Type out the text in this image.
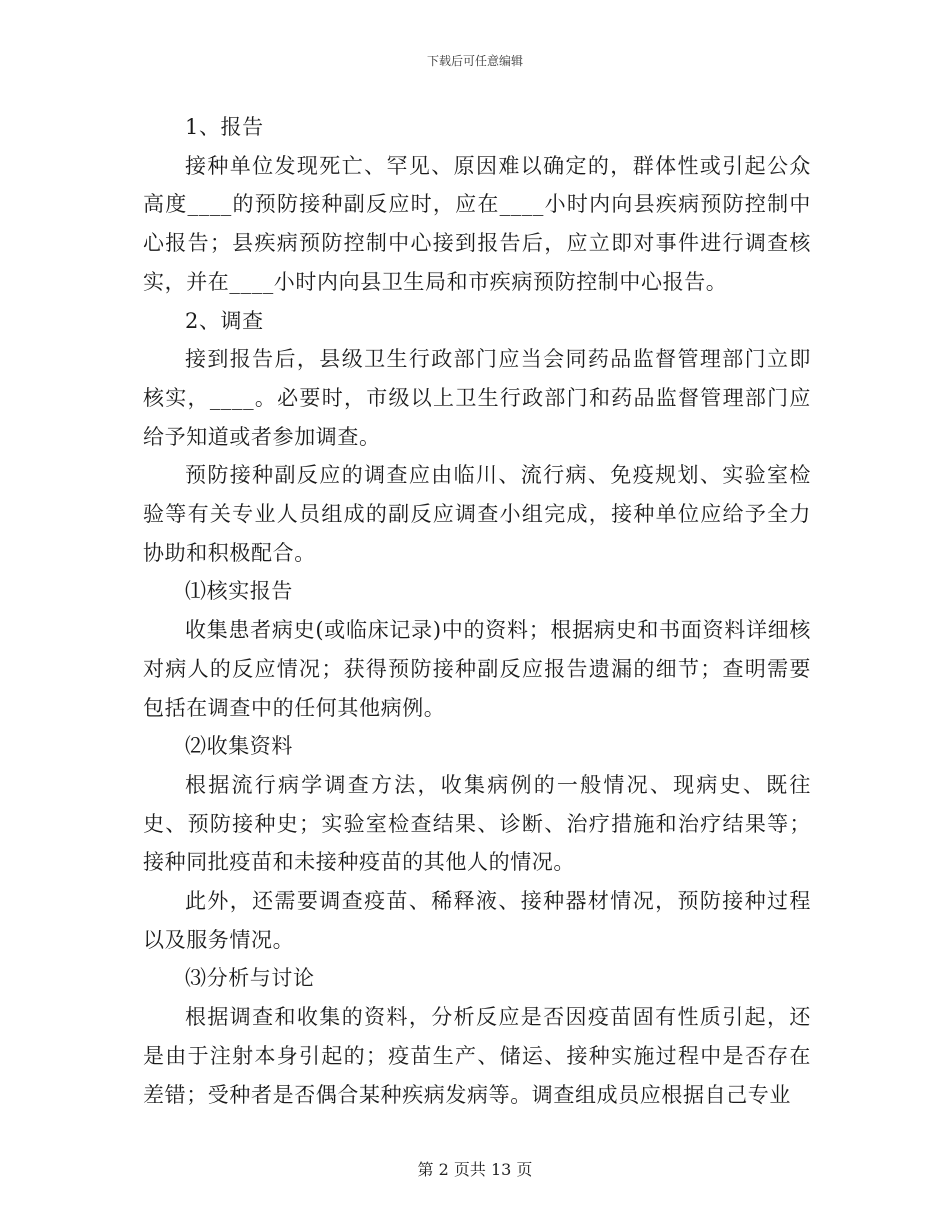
下载后可任意编辑

1、报告

接种单位发现死亡、罕见、原因难以确定的，群体性或引起公众高度____的预防接种副反应时，应在____小时内向县疾病预防控制中心报告；县疾病预防控制中心接到报告后，应立即对事件进行调查核实，并在____小时内向县卫生局和市疾病预防控制中心报告。

2、调查

接到报告后，县级卫生行政部门应当会同药品监督管理部门立即核实，____。必要时，市级以上卫生行政部门和药品监督管理部门应给予知道或者参加调查。

预防接种副反应的调查应由临川、流行病、免疫规划、实验室检验等有关专业人员组成的副反应调查小组完成，接种单位应给予全力协助和积极配合。

⑴核实报告

收集患者病史(或临床记录)中的资料；根据病史和书面资料详细核对病人的反应情况；获得预防接种副反应报告遗漏的细节；查明需要包括在调查中的任何其他病例。

⑵收集资料

根据流行病学调查方法，收集病例的一般情况、现病史、既往史、预防接种史；实验室检查结果、诊断、治疗措施和治疗结果等；接种同批疫苗和未接种疫苗的其他人的情况。

此外，还需要调查疫苗、稀释液、接种器材情况，预防接种过程以及服务情况。

⑶分析与讨论

根据调查和收集的资料，分析反应是否因疫苗固有性质引起，还是由于注射本身引起的；疫苗生产、储运、接种实施过程中是否存在差错；受种者是否偶合某种疾病发病等。调查组成员应根据自己专业

第 2 页共 13 页
